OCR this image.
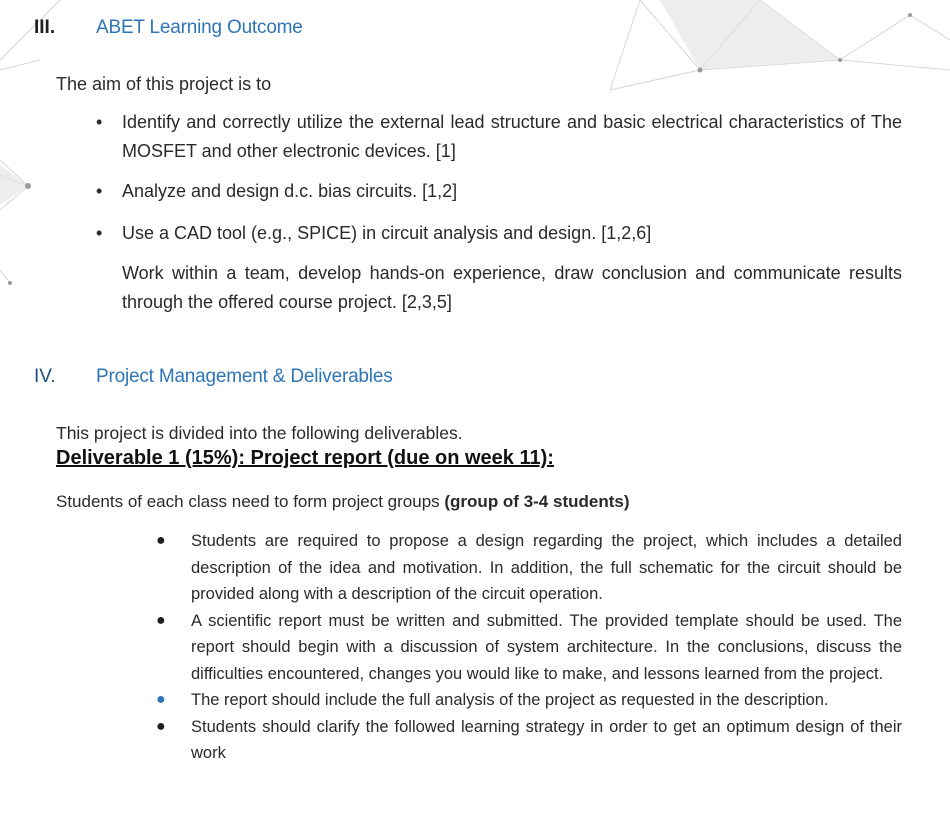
III.	ABET Learning Outcome
The aim of this project is to
• Identify and correctly utilize the external lead structure and basic electrical characteristics of The MOSFET and other electronic devices. [1]
• Analyze and design d.c. bias circuits. [1,2]
• Use a CAD tool (e.g., SPICE) in circuit analysis and design. [1,2,6]
Work within a team, develop hands-on experience, draw conclusion and communicate results through the offered course project. [2,3,5]
IV.	Project Management & Deliverables
This project is divided into the following deliverables.
Deliverable 1 (15%): Project report (due on week 11):
Students of each class need to form project groups (group of 3-4 students)
● Students are required to propose a design regarding the project, which includes a detailed description of the idea and motivation. In addition, the full schematic for the circuit should be provided along with a description of the circuit operation.
● A scientific report must be written and submitted. The provided template should be used. The report should begin with a discussion of system architecture. In the conclusions, discuss the difficulties encountered, changes you would like to make, and lessons learned from the project.
● The report should include the full analysis of the project as requested in the description.
● Students should clarify the followed learning strategy in order to get an optimum design of their work
